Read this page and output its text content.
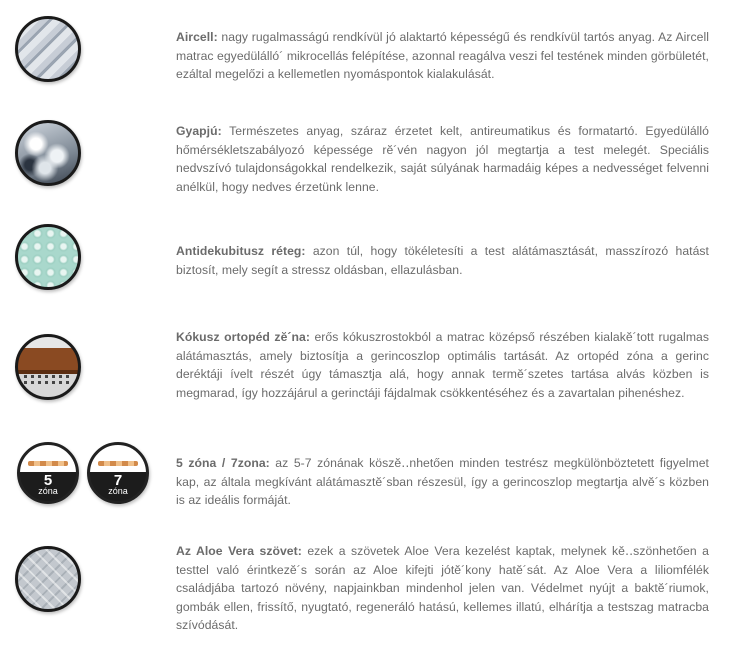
Aircell: nagy rugalmasságú rendkívül jó alaktartó képességű és rendkívül tartós anyag. Az Aircell matrac egyedülálló´ mikrocellás felépítése, azonnal reagálva veszi fel testének minden görbületét, ezáltal megelőzi a kellemetlen nyomáspontok kialakulását.
Gyapjú: Természetes anyag, száraz érzetet kelt, antireumatikus és formatartó. Egyedülálló hőmérsékletszabályozó képessége rĕ´vén nagyon jól megtartja a test melegét. Speciális nedvszívó tulajdonságokkal rendelkezik, saját súlyának harmadáig képes a nedvességet felvenni anélkül, hogy nedves érzetünk lenne.
Antidekubitusz réteg: azon túl, hogy tökéletesíti a test alátámasztását, masszírozó hatást biztosít, mely segít a stressz oldásban, ellazulásban.
Kókusz ortopéd zĕ´na: erős kókuszrostokból a matrac középső részében kialakĕ´tott rugalmas alátámasztás, amely biztosítja a gerincoszlop optimális tartását. Az ortopéd zóna a gerinc deréktáji ívelt részét úgy támasztja alá, hogy annak termĕ´szetes tartása alvás közben is megmarad, így hozzájárul a gerinctáji fájdalmak csökkentéséhez és a zavartalan pihenéshez.
5
zóna
7
zóna
5 zóna / 7zona: az 5-7 zónának köszĕ‥nhetően minden testrész megkülönböztetett figyelmet kap, az általa megkívánt alátámasztĕ´sban részesül, így a gerincoszlop megtartja alvĕ´s közben is az ideális formáját.
Az Aloe Vera szövet: ezek a szövetek Aloe Vera kezelést kaptak, melynek kĕ‥szönhetően a testtel való érintkezĕ´s során az Aloe kifejti jótĕ´kony hatĕ´sát. Az Aloe Vera a liliomfélék családjába tartozó növény, napjainkban mindenhol jelen van. Védelmet nyújt a baktĕ´riumok, gombák ellen, frissítő, nyugtató, regeneráló hatású, kellemes illatú, elhárítja a testszag matracba szívódását.
